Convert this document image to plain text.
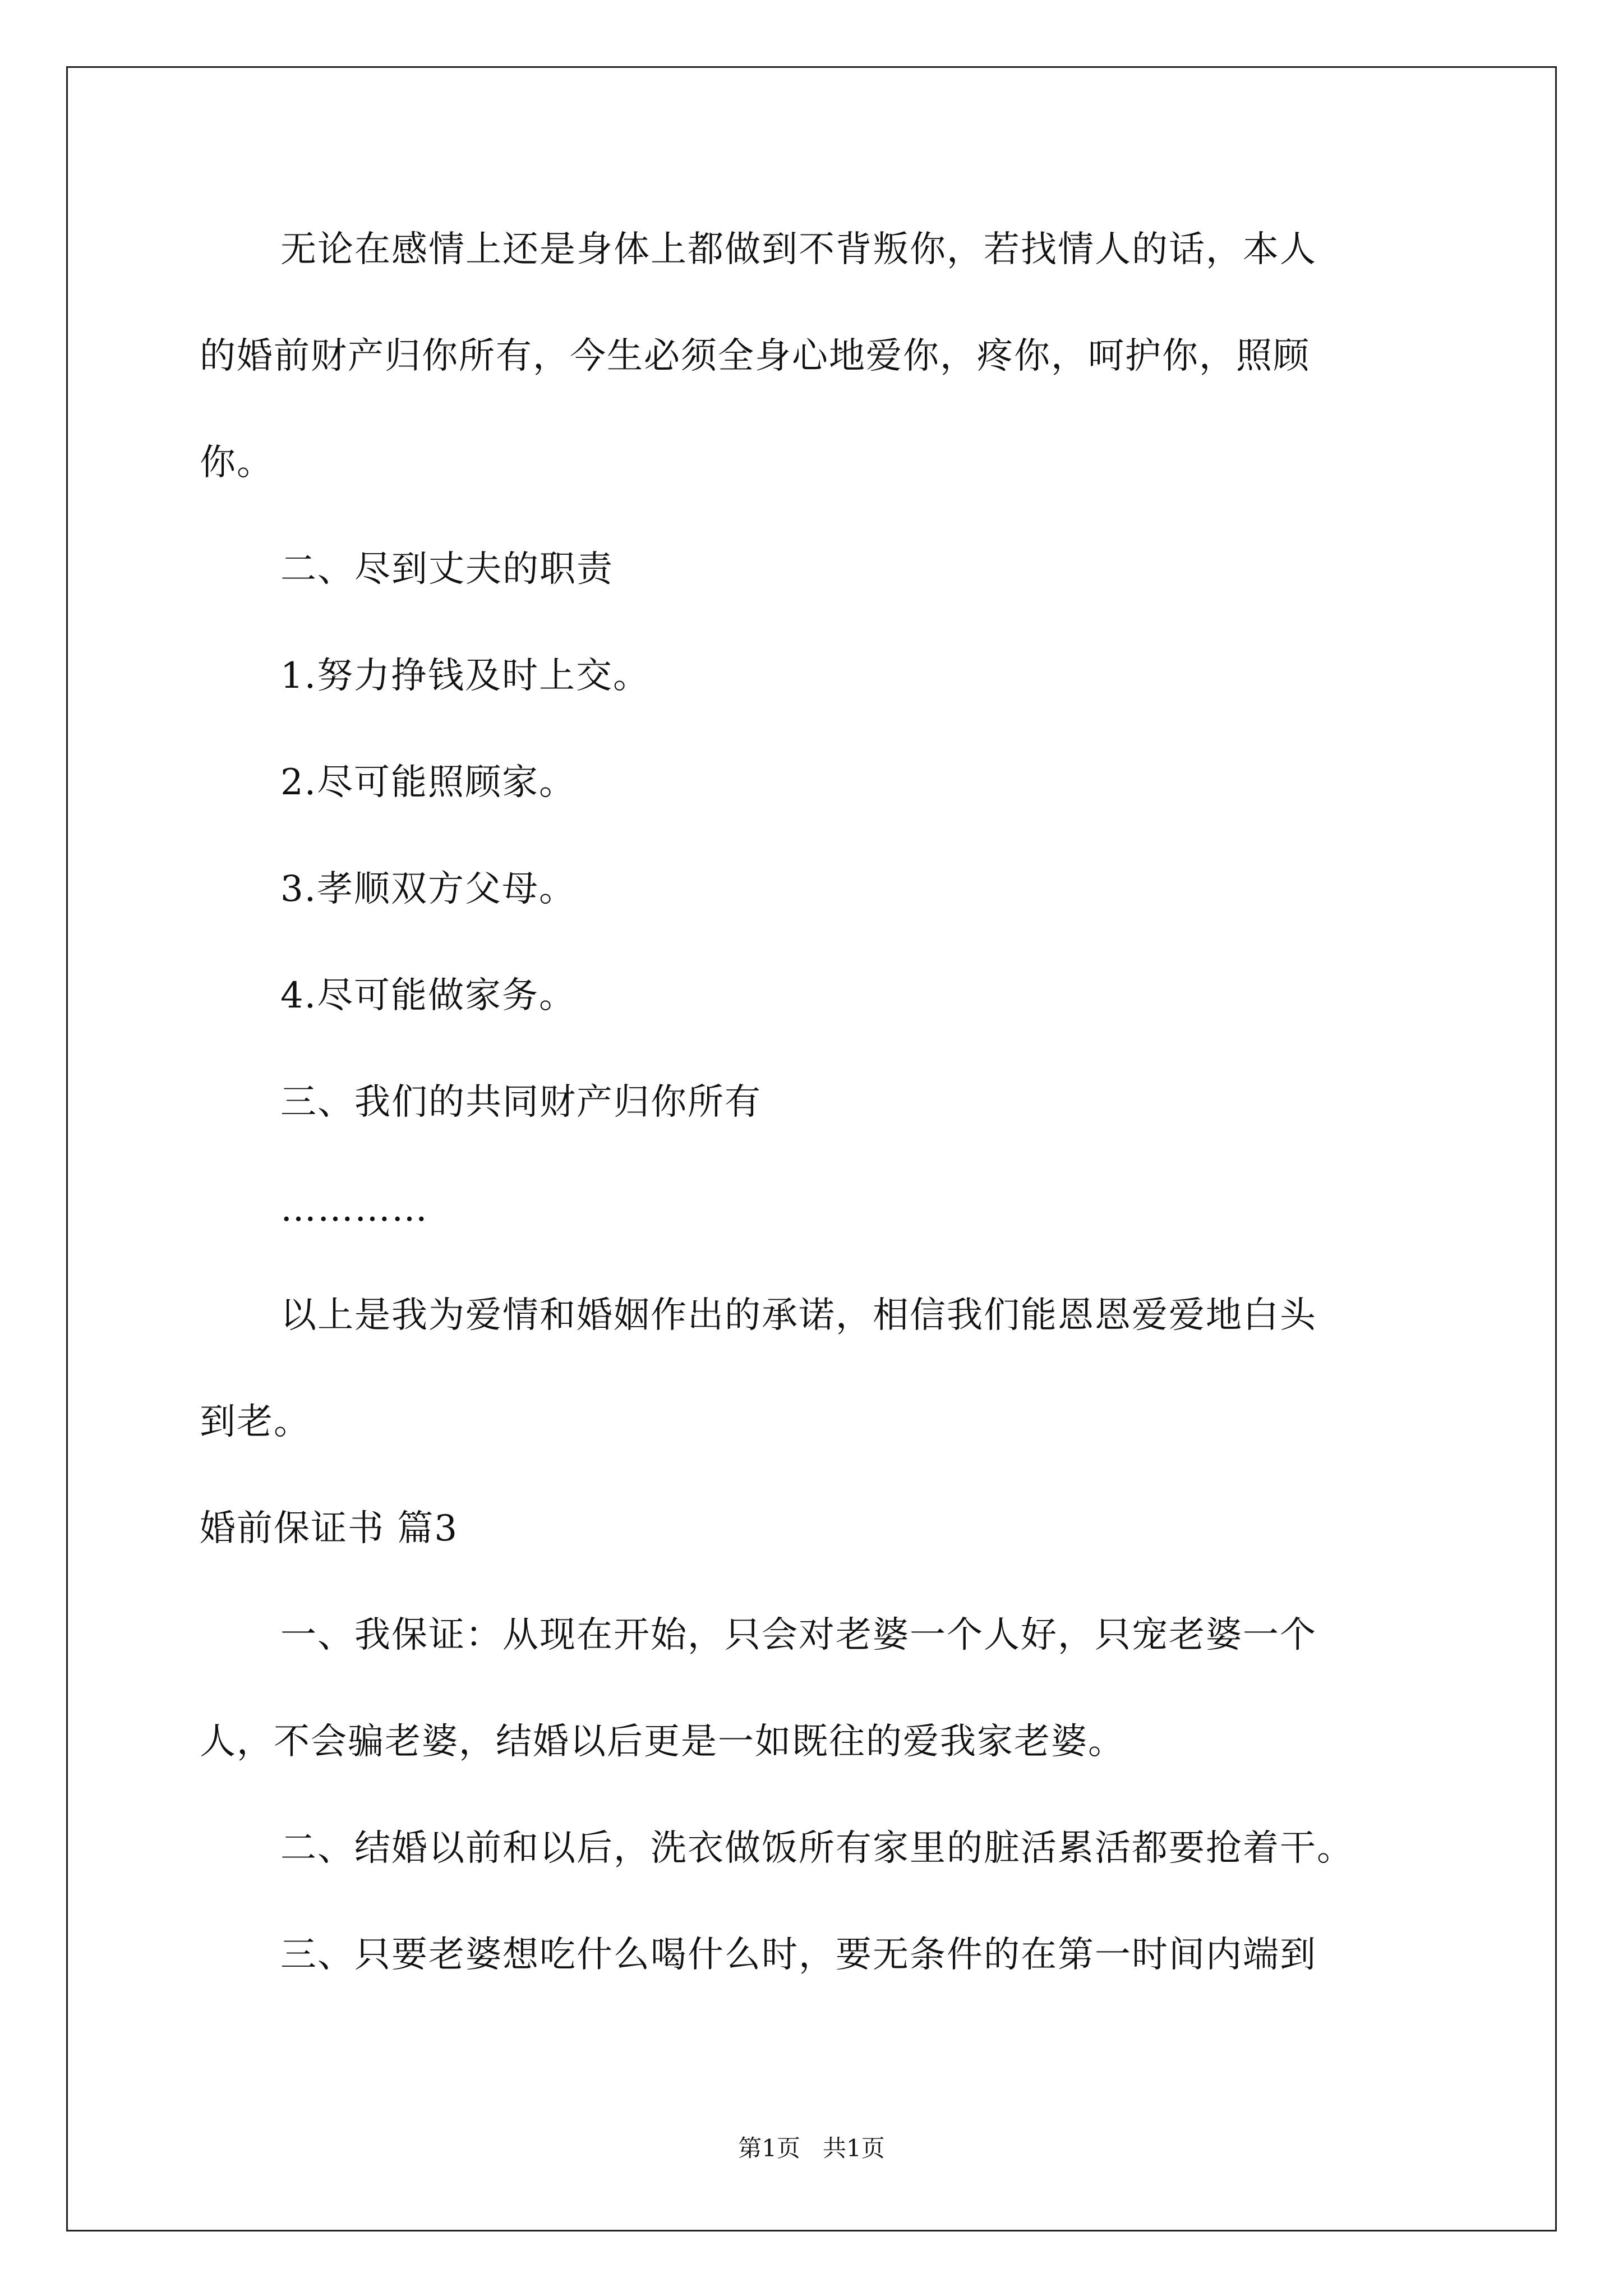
无论在感情上还是身体上都做到不背叛你，若找情人的话，本人
的婚前财产归你所有，今生必须全身心地爱你，疼你，呵护你，照顾
你。
二、尽到丈夫的职责
1.努力挣钱及时上交。
2.尽可能照顾家。
3.孝顺双方父母。
4.尽可能做家务。
三、我们的共同财产归你所有
…………
以上是我为爱情和婚姻作出的承诺，相信我们能恩恩爱爱地白头
到老。
婚前保证书 篇3
一、我保证：从现在开始，只会对老婆一个人好，只宠老婆一个
人，不会骗老婆，结婚以后更是一如既往的爱我家老婆。
二、结婚以前和以后，洗衣做饭所有家里的脏活累活都要抢着干。
三、只要老婆想吃什么喝什么时，要无条件的在第一时间内端到
第1页   共1页
